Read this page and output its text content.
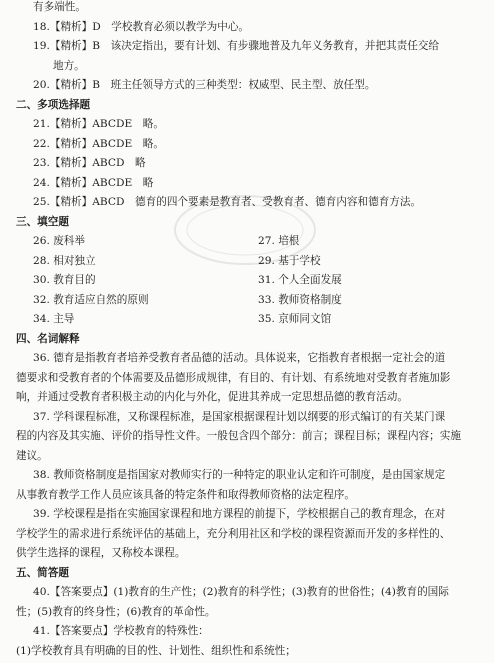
有多端性。
18.【精析】D　学校教育必须以教学为中心。
19.【精析】B　该决定指出，要有计划、有步骤地普及九年义务教育，并把其责任交给
地方。
20.【精析】B　班主任领导方式的三种类型：权威型、民主型、放任型。
二、多项选择题
21.【精析】ABCDE　略。
22.【精析】ABCDE　略。
23.【精析】ABCD　略
24.【精析】ABCDE　略
25.【精析】ABCD　德育的四个要素是教育者、受教育者、德育内容和德育方法。
三、填空题
26. 废科举	27. 培根
28. 相对独立	29. 基于学校
30. 教育目的	31. 个人全面发展
32. 教育适应自然的原则	33. 教师资格制度
34. 主导	35. 京师同文馆
四、名词解释
36. 德育是指教育者培养受教育者品德的活动。具体说来，它指教育者根据一定社会的道
德要求和受教育者的个体需要及品德形成规律，有目的、有计划、有系统地对受教育者施加影
响，并通过受教育者积极主动的内化与外化，促进其养成一定思想品德的教育活动。
37. 学科课程标准，又称课程标准，是国家根据课程计划以纲要的形式编订的有关某门课
程的内容及其实施、评价的指导性文件。一般包含四个部分：前言；课程目标；课程内容；实施
建议。
38. 教师资格制度是指国家对教师实行的一种特定的职业认定和许可制度，是由国家规定
从事教育教学工作人员应该具备的特定条件和取得教师资格的法定程序。
39. 学校课程是指在实施国家课程和地方课程的前提下，学校根据自己的教育理念，在对
学校学生的需求进行系统评估的基础上，充分利用社区和学校的课程资源而开发的多样性的、
供学生选择的课程，又称校本课程。
五、简答题
40.【答案要点】(1)教育的生产性；(2)教育的科学性；(3)教育的世俗性；(4)教育的国际
性；(5)教育的终身性；(6)教育的革命性。
41.【答案要点】学校教育的特殊性：
(1)学校教育具有明确的目的性、计划性、组织性和系统性；
